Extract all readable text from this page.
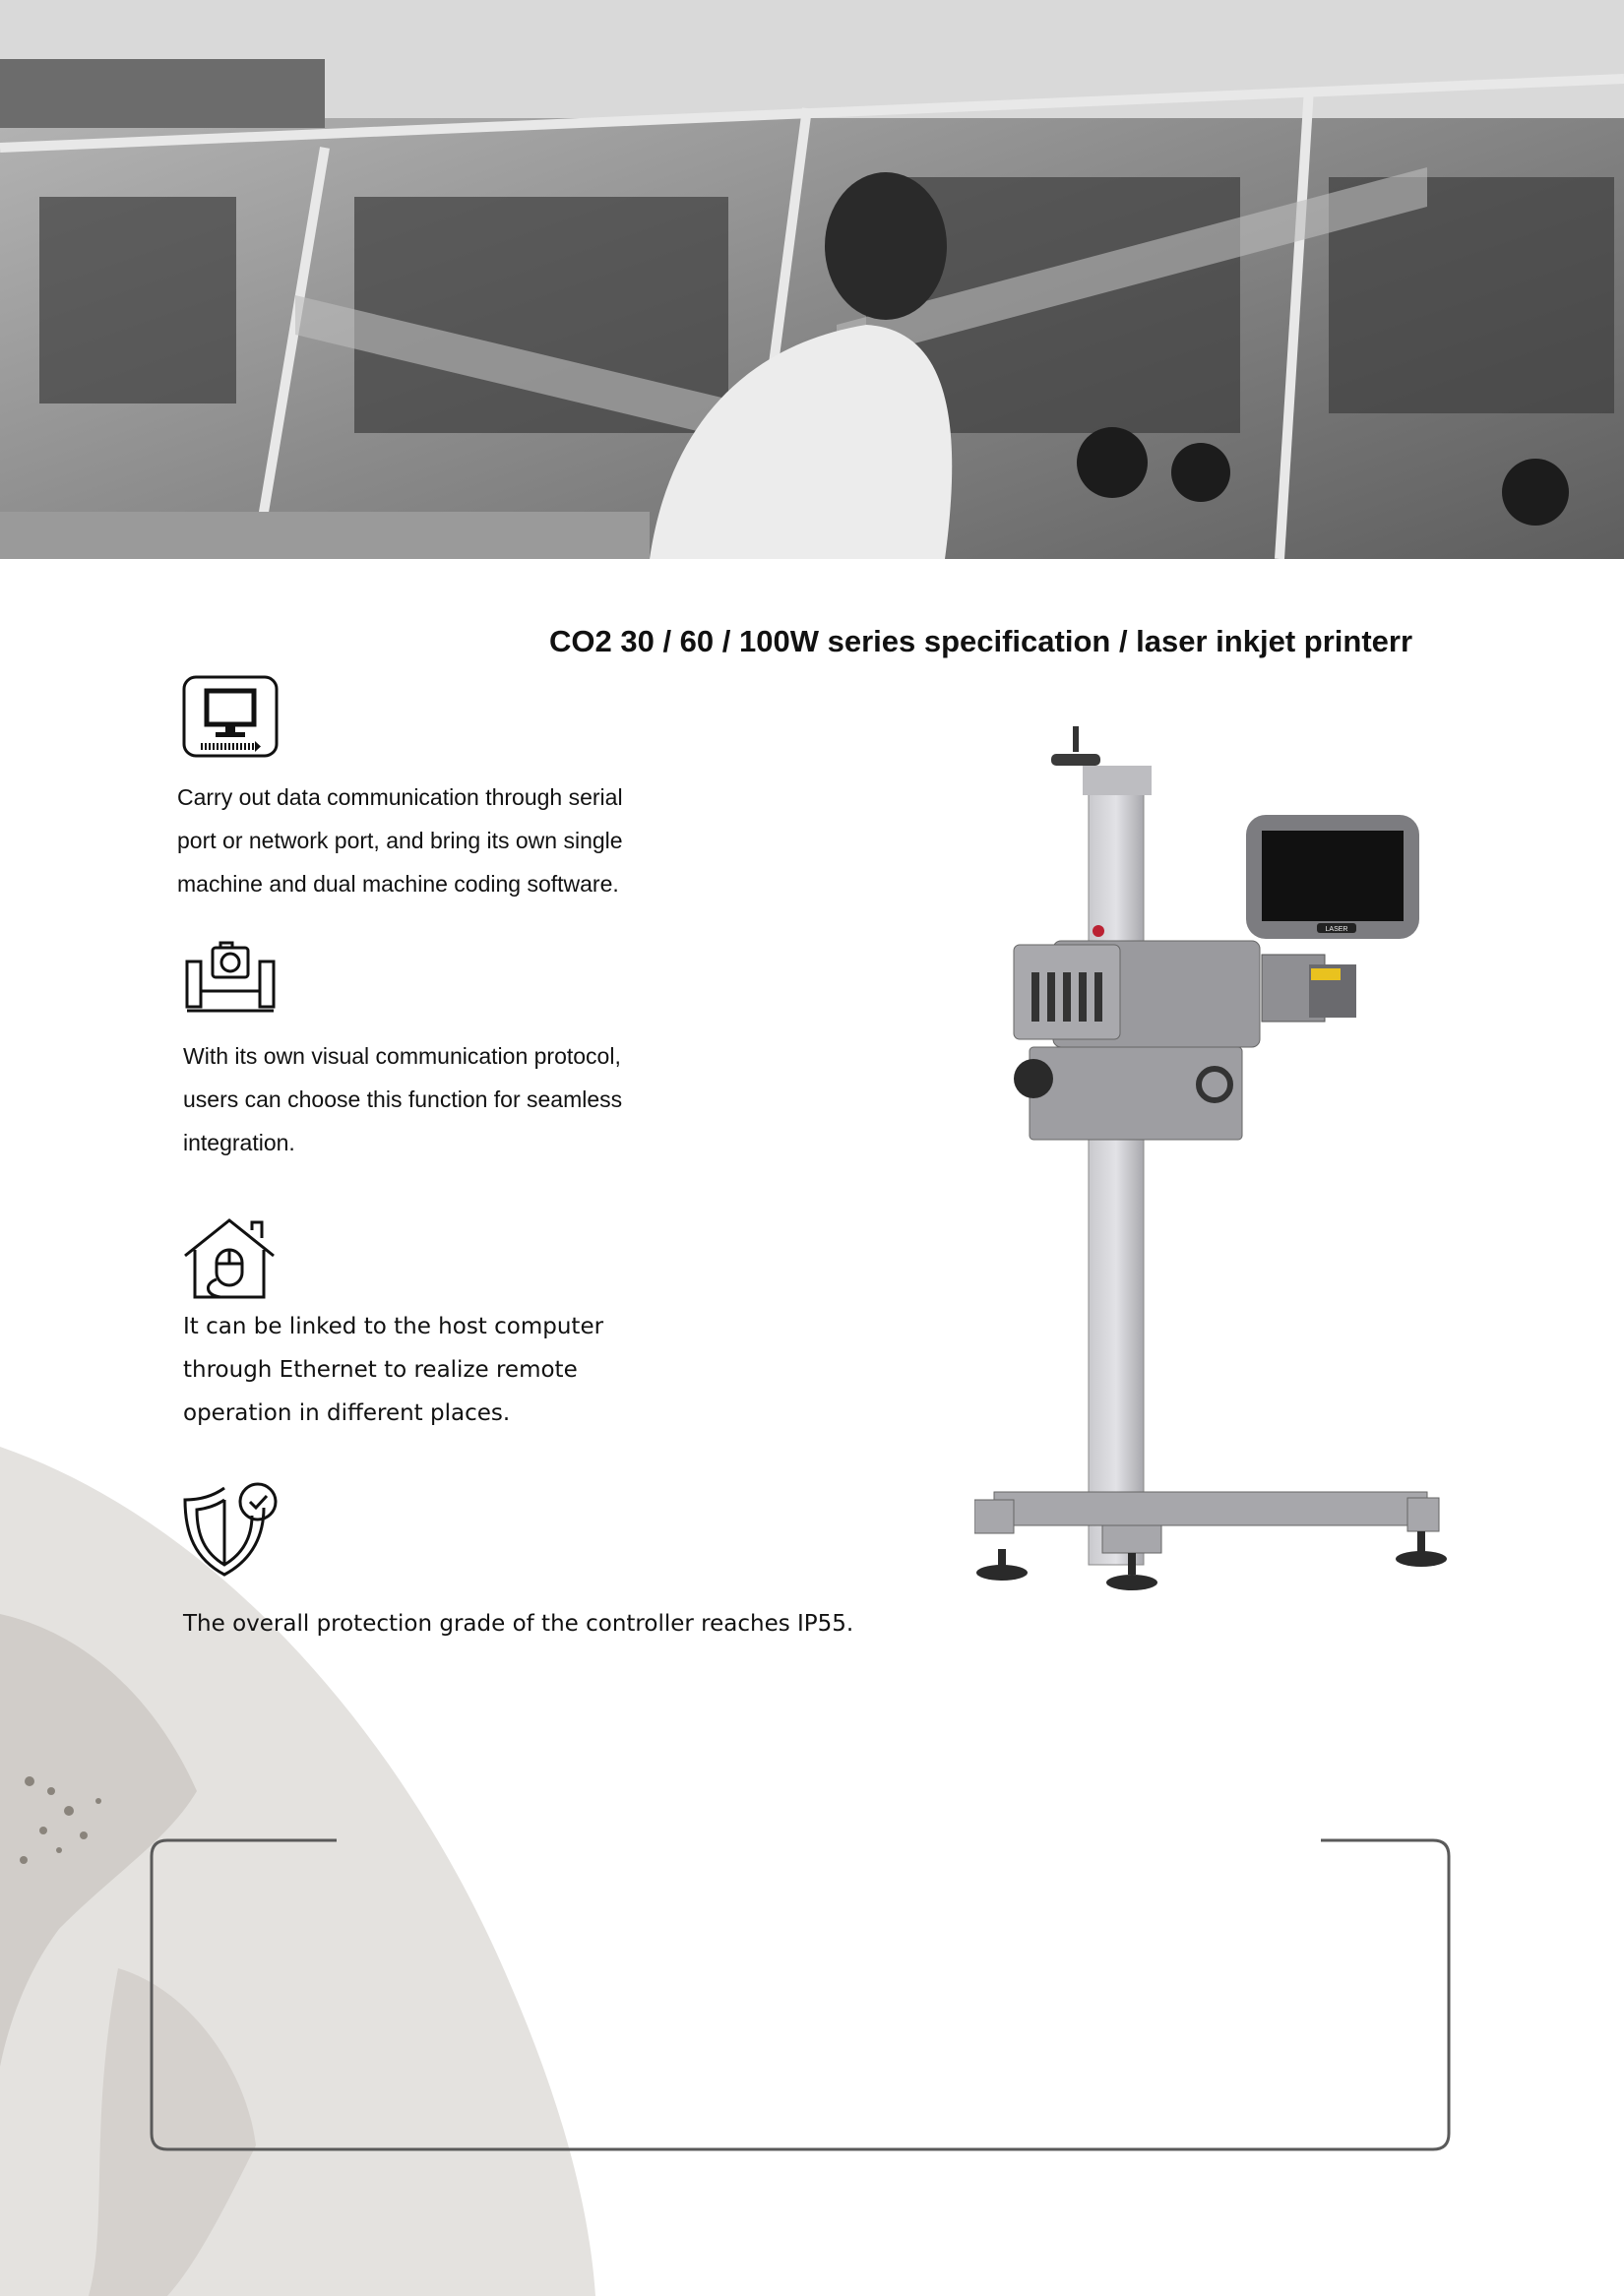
CO2 30 / 60 / 100W series specification / laser inkjet printerr
Carry out data communication through serial
port or network port, and bring its own single
machine and dual machine coding software.
With its own visual communication protocol,
users can choose this function for seamless
integration.
It can be linked to the host computer
through Ethernet to realize remote
operation in different places.
The overall protection grade of the controller reaches IP55.
LASER
